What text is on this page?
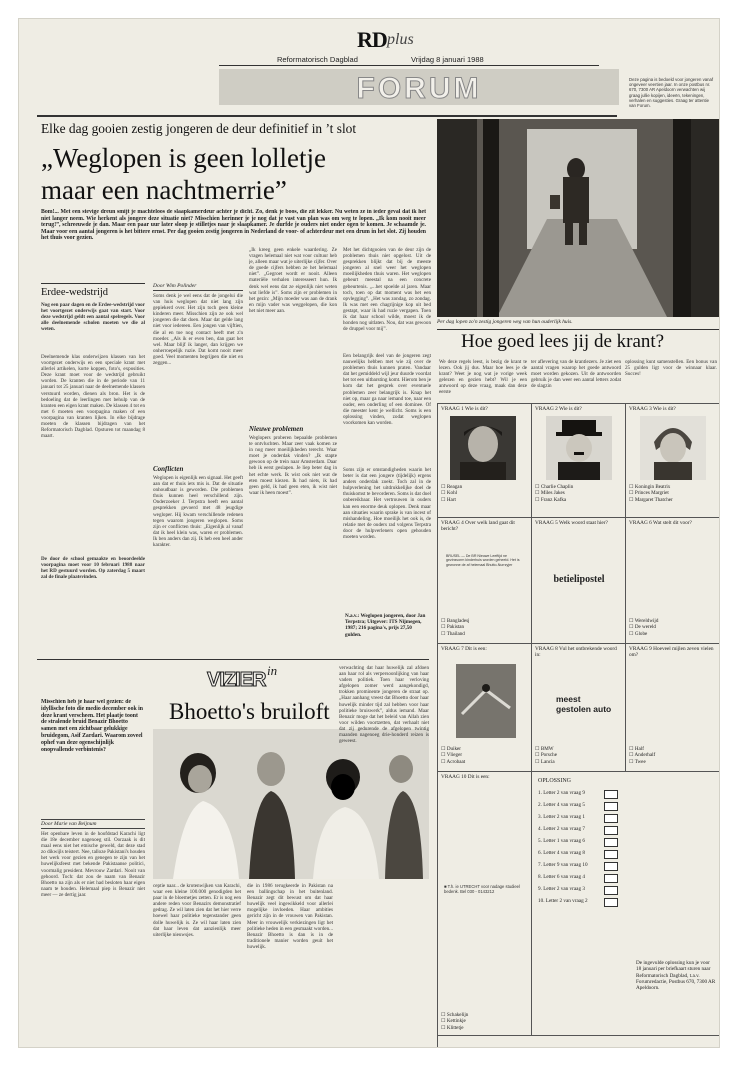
RD plus
Reformatorisch Dagblad	Vrijdag 8 januari 1988
FORUM	Deze pagina is bedoeld voor jongeren vanaf ongeveer veertien jaar. In onze postbus nr. 670, 7300 AR Apeldoorn verwachten wij graag jullie kopijen, ideeën, tekeningen, verhalen en suggesties. Graag ter attentie van Forum.
Elke dag gooien zestig jongeren de deur definitief in ’t slot
„Weglopen is geen lolletje
maar een nachtmerrie”
Bom!... Met een stevige dreun smijt je machteloos de slaapkamerdeur achter je dicht. Zo, denk je boos, die zit lekker. Nu weten ze in ieder geval dat ik het niet langer neem. Wie herkent als jongere deze situatie niet? Misschien herinner je je nog dat je vast van plan was om weg te lopen. „Ik kom nooit meer terug!”, schreeuwde je dan. Maar een paar uur later sloop je stilletjes naar je slaapkamer. Je durfde je ouders niet onder ogen te komen. Je schaamde je. Maar voor een aantal jongeren is het bittere ernst. Per dag gooien zestig jongeren in Nederland de voor- of achterdeur met een drum in het slot. Zij houden het thuis voor gezien.
Per dag lopen zo'n zestig jongeren weg van hun ouderlijk huis.
Erdee-wedstrijd
Nog een paar dagen en de Erdee-wedstrijd voor het voortgezet onderwijs gaat van start. Voor deze wedstrijd geldt een aantal spelregels. Voor alle deelnemende scholen moeten we die al weten.
Deelnemende klas onderwijzen klassen van het voortgezet onderwijs en een speciale krant met allerlei artikelen, korte koppen, foto's, exposities. Deze krant moet voor de wedstrijd gebruikt worden. De kranten die in de periode van 11 januari tot 25 januari naar de deelnemende klassen verstuurd worden, dienen als bron. Het is de bedoeling dat de leerlingen met behulp van de kranten een eigen krant maken. De klassen 4 tot en met 6 moeten een voorpagina maken of een voorpagina van kranten lijken. In elke bijdrage moeten de klassen bijdragen van het Reformatorisch Dagblad. Opsturen tot maandag 8 maart.
De door de school gemaakte en beoordeelde voorpagina moet voor 10 februari 1988 naar het RD gestuurd worden. Op zaterdag 5 maart zal de finale plaatsvinden.
Door Wim Polinder
Soms denk je wel eens dat de jongelui die van huis weglopen dat niet lang zijn gepiekerd over. Het zijn toch geen kleine kinderen meer. Misschien zijn ze ook wel jongeren die dat doen. Maar dat gelde lang niet voor iedereen. Een jongen van vijftien, die al en toe nog contact heeft met z'n moeder. „Als ik er even ben, dan gaat het wel. Maar blijf ik langer, dan krijgen we onherroepelijk ruzie. Dat komt nooit meer goed. Veel momenten begrijpen die niet en zeggen...
Conflicten
Weglopen is eigenlijk een signaal. Het geeft aan dat er thuis iets mis is. Dat de situatie onhoudbaar is geworden. Die problemen thuis kunnen heel verschillend zijn. Onderzoeker J. Terpstra heeft een aantal gesprekken gevoerd met 48 jeugdige wegloper. Hij kwam verschillende redenen tegen waarom jongeren weglopen. Soms zijn er conflicten thuis: „Eigenlijk al vanaf dat ik heel klein was, waren er problemen. Ik ben anders dan zij. Ik heb een heel ander karakter.
„Ik kreeg geen enkele waardering. Ze vragen helemaal niet wat voor cultuur heb je, alleen maar wat je uiterlijke cijfer. Over de goede cijfers hebben ze het helemaal niet”. „Gegroet wordt er nooit. Alleen materiële verhalen interesseert hun. Ik denk wel eens dat ze eigenlijk niet weten wat liefde is”. Soms zijn er problemen in het gezin: „Mijn moeder was aan de drank en mijn vader was weggelopen, die kon het niet meer aan.
Nieuwe problemen
Weglopers proberen bepaalde problemen te ontvluchten. Maar zeer vaak komen ze in nog meer moeilijkheden terecht. Waar moet je onderdak vinden? „Ik stapte gewoon op de trein naar Amsterdam. Daar heb ik eerst geslapen. Je liep beter dag in het echte werk. Ik wist ook niet wat de eten moest kiezen. Ik had niets, ik had geen geld, ik had geen eten, ik wist niet waar ik heen moest”.
Met het dichtgooien van de deur zijn de problemen thuis niet opgelost. Uit de gesprekken blijkt dat bij de meeste jongeren al snel weer het weglopen moeilijkheden thuis waren. Het weglopen gebeurt meestal na een concrete gebeurtenis. „...het spoelde al jaren. Maar toch, toen op dat moment was het een opvlegging”. „Het was zondag, zo zondag. Ik was met een chagrijnige kop uit bed gestapt, waar ik had ruzie vergapen. Toen ik dat haar school wilde, moest ik de honden nog uitlaten. Nou, dat was gewoon de druppel voor mij”.
Een belangrijk deel van de jongeren zegt nauwelijks hebben met wie zij over de problemen thuis kunnen praten. Vandaar dat het gemiddeld wijl jeur duurde voordat het tot een uitbarsting komt. Hierom ben je kom dat het gesprek over eventuele problemen zeer belangrijk is. Knap het niet op, maar ga naar iemand toe, naar een ouder, een onderling of een dominee. Of die meester kent je wellicht. Soms is een oplossing vinden, zodat weglopen voorkomen kan worden.
Soms zijn er omstandigheden waarin het beter is dat een jongere (tijdelijk) ergens anders onderdak zoekt. Toch zal in de hulpverlening het uitdrukkelijke doel de thuiskomst te bevorderen. Soms is dat doel onbereikbaar. Het vertrouwen in ouders kan een enorme deuk oplopen. Denk maar aan situaties waarin sprake is van incest of mishandeling. Hoe moeilijk het ook is, de relatie met de ouders rad volgens Terpstra door de hulpverleners open gehouden moeten worden.
N.a.v.: Weglopen jongeren, door Jan Terpstra; Uitgever: ITS Nijmegen, 1987; 216 pagina's, prijs 27,50 gulden.
Hoe goed lees jij de krant?
We deze regels leest, is bezig de krant te lezen. Ook jij dus. Maar hoe lees je de krant? Weet je nog wat je vorige week gelezen en gezien hebt? Wil je een antwoord op deze vraag, maak dan deze eerste
ter aflevering van de krantlezers. Je ziet een aantal vragen waarop het goede antwoord moet worden gekozen. Uit de antwoorden gebruik je dan weer een aantal letters zodat de slagzin
oplossing kunt samenstellen. Een bonus van 25 gulden ligt voor de winnaar klaar. Succes!
VRAAG 1 Wie is dit?
☐ Reagan
☐ Kohl
☐ Hart
VRAAG 2 Wie is dit?
☐ Charlie Chaplin
☐ Miles Jakes
☐ Franz Kafka
VRAAG 3 Wie is dit?
☐ Koningin Beatrix
☐ Princes Margriet
☐ Margaret Thatcher
VRAAG 4 Over welk land gaat dit bericht?
BRUSEL — De BR Nieuwe Leeftijd ne gezinsvorm kinderhuis worden geheeld. Het is gewonne de af helemaal Bhutto-Nurrzyjer
☐ Bangladesj
☐ Pakistan
☐ Thailand
VRAAG 5 Welk woord staat hier?
betielipostel
VRAAG 6 Wat stelt dit voor?
☐ Wereldwijd
☐ De wereld
☐ Globe
VRAAG 7 Dit is een:
☐ Duiker
☐ Vlieger
☐ Acrobaat
VRAAG 8 Vul het ontbrekende woord in:
meest gestolen auto
☐ BMW
☐ Porsche
☐ Lancia
VRAAG 9 Hoeveel mijlen zeven vielen om?
☐ Half
☐ Anderhalf
☐ Twee
VRAAG 10 Dit is een:
■ T.h. ie UTRECHT voor nadage studieel bedenk. Bel 030 - 0143212
☐ Schakelijn
☐ Kettinkje
☐ Klittetje
OPLOSSING
1. Letter 2 van vraag 9
2. Letter 4 van vraag 5
3. Letter 2 van vraag 1
4. Letter 2 van vraag 7
5. Letter 1 van vraag 6
6. Letter 4 van vraag 8
7. Letter 9 van vraag 10
8. Letter 6 van vraag 4
9. Letter 2 van vraag 3
10. Letter 2 van vraag 2
De ingevulde oplossing kun je voor 18 januari per briefkaart sturen naar Reformatorisch Dagblad, t.a.v. Forumredactie, Postbus 670, 7300 AR Apeldoorn.
VIZIER in
Bhoetto's bruiloft
Misschien heb je haar wel gezien: de idyllische foto die medio december ook in deze krant verscheen. Het plaatje toont de stralende bruid Benazir Bhoetto samen met een zichtbaar gelukkige bruidegom, Asif Zardari. Waarom zoveel ophef van deze ogenschijnlijk onopvallende verbintenis?
Door Marie van Beijnum
Het openbare leven in de hoofdstad Karachi ligt die 18e december nagenoeg stil. Oorzaak is dit maal eens niet het etnische geweld, dat deze stad zo dikwijls teistert. Nee, talloze Pakistani's houden het werk voor gezien en genegen te zijn van het huwelijksfeest met bekende Pakistaanse politici, voormalig president. Mevrouw Zardari. Nooit van gehoord. Toch: dat zou de naam van Benazir Bhoetto na zijn als er niet had besloten haar eigen naam te houden. Helemaal piep is Benazir niet meer — ze dertig jaar.
ceptie naar... de krotenwijken van Karachi, waar een kleine 100.000 genodigden het paar in de bloemetjes zetten. Er is nog een andere reden voor Benazirs demonstratief gedrag. Ze wil laten zien dat het hier verre hoewel haar politieke tegenstander geen dolle huwelijk is. Ze wil haar laten zien dat haar leven dat aanzienlijk meer uiterlijke nieuwsjes.
die in 1986 terugkeerde in Pakistan na een ballingschap in het buitenland. Benazir zegt dit bewust om dat haar huwelijk veel ingewikkeld voor allerlei mogelijke invloeden. Haar ambities gericht zijn in de vrouwen van Pakistan. Meer in vrouwelijk verkiezingen ligt het politieke heden in een gesmaakt worden... Benazir Bhoetto is dan is in de traditionele manier worden geuit het huwelijk.
verwachting dat haar huwelijk zal afdoen aan haar rol als verpersoonlijking van haar vaders politiek. Toen haar verloving afgelopen zomer werd aangekondigd, trokken prominente jongeren de straat op. „Haar aanhang vreest dat Bhoetto door haar huwelijk minder tijd zal hebben voor haar politieke bruiswerk”, aldus iemand. Maar Benazir moge dat het beleid van Allah zien voor wilden voortzetten, dat verhaalt niet dat zij gedurende de afgelopen twintig maanden nagenoeg drie-honderd reizen is geweest.
